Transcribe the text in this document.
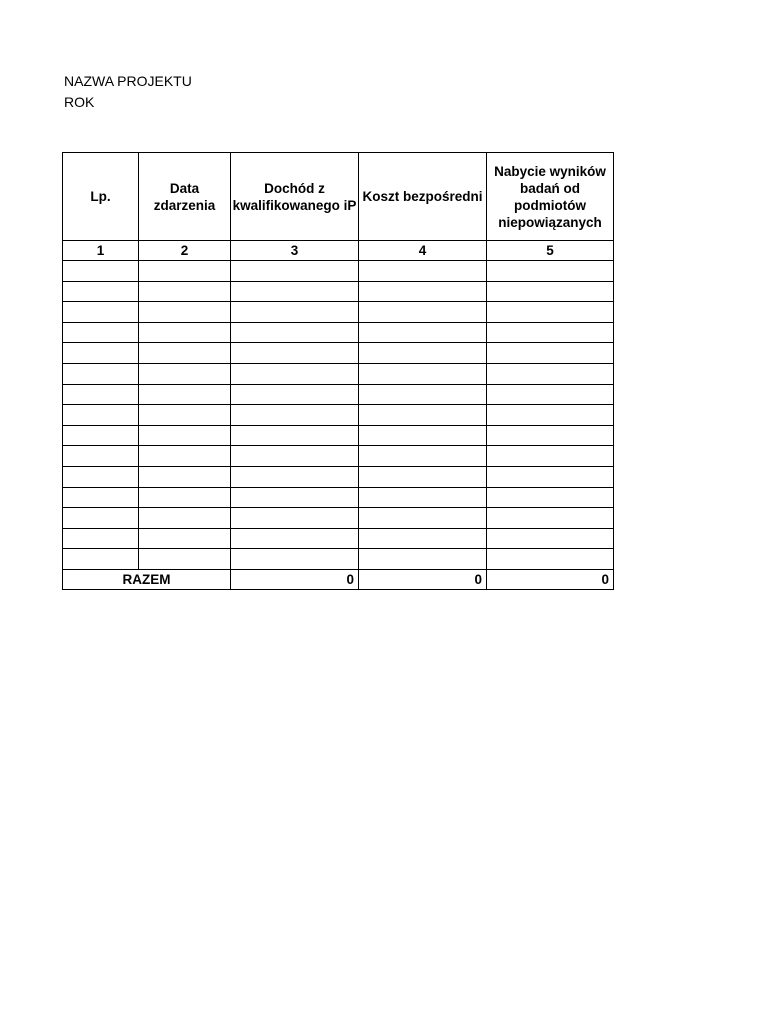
NAZWA PROJEKTU
ROK
Lp.	Data zdarzenia	Dochód z kwalifikowanego iP	Koszt bezpośredni	Nabycie wyników badań od podmiotów niepowiązanych
1	2	3	4	5

RAZEM		0	0	0
